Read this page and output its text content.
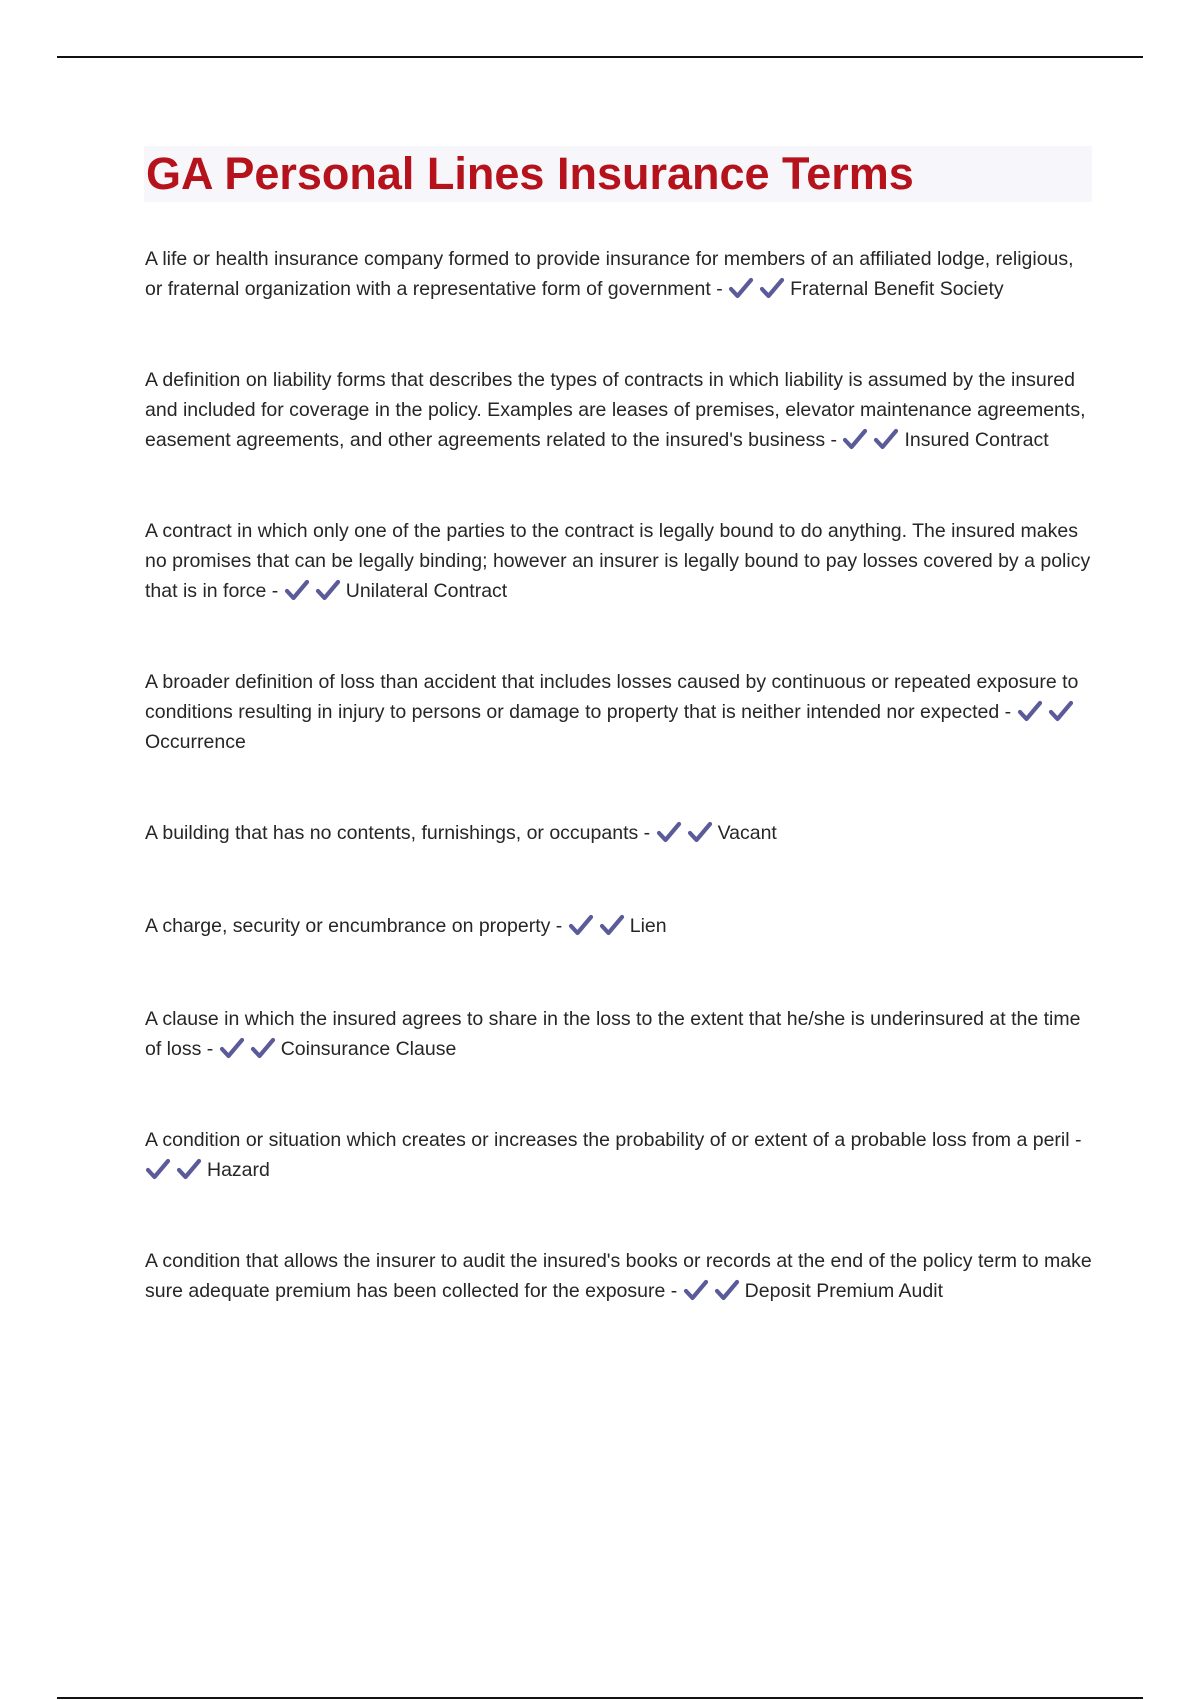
GA Personal Lines Insurance Terms

A life or health insurance company formed to provide insurance for members of an affiliated lodge, religious, or fraternal organization with a representative form of government -	Fraternal Benefit Society

A definition on liability forms that describes the types of contracts in which liability is assumed by the insured and included for coverage in the policy. Examples are leases of premises, elevator maintenance agreements, easement agreements, and other agreements related to the insured's business -	Insured Contract

A contract in which only one of the parties to the contract is legally bound to do anything. The insured makes no promises that can be legally binding; however an insurer is legally bound to pay losses covered by a policy that is in force -	Unilateral Contract

A broader definition of loss than accident that includes losses caused by continuous or repeated exposure to conditions resulting in injury to persons or damage to property that is neither intended nor expected -
Occurrence

A building that has no contents, furnishings, or occupants -	Vacant

A charge, security or encumbrance on property -	Lien

A clause in which the insured agrees to share in the loss to the extent that he/she is underinsured at the time of loss -	Coinsurance Clause

A condition or situation which creates or increases the probability of or extent of a probable loss from a peril -
Hazard

A condition that allows the insurer to audit the insured's books or records at the end of the policy term to make sure adequate premium has been collected for the exposure -	Deposit Premium Audit
